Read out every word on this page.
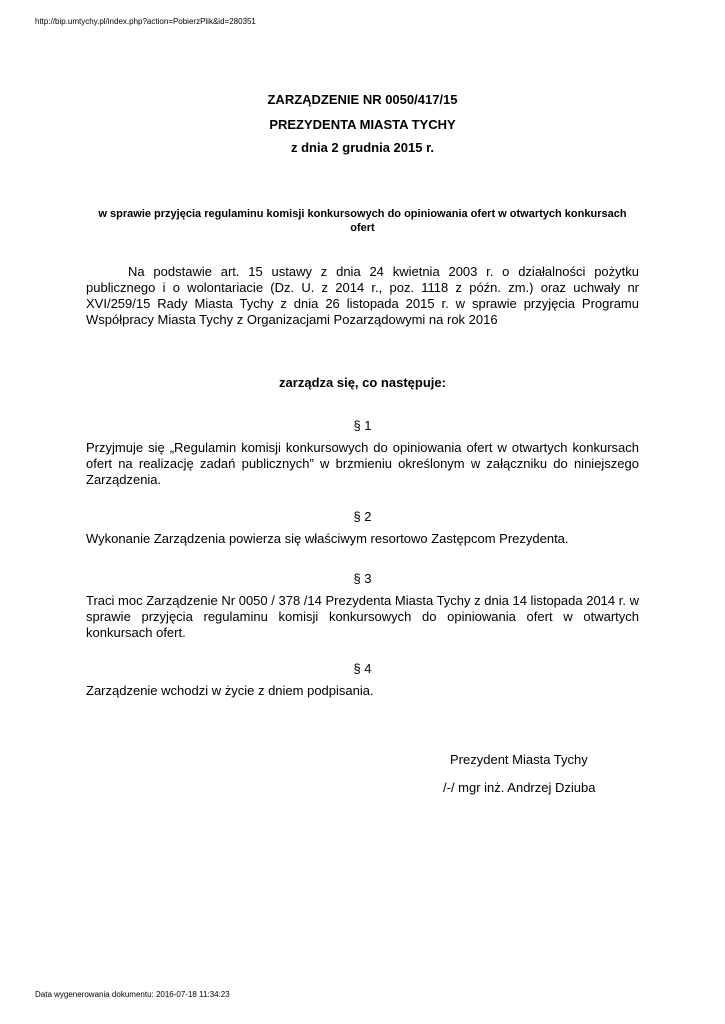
http://bip.umtychy.pl/index.php?action=PobierzPlik&id=280351
ZARZĄDZENIE NR 0050/417/15
PREZYDENTA MIASTA TYCHY
z dnia 2 grudnia 2015 r.
w sprawie przyjęcia regulaminu komisji konkursowych do opiniowania ofert w otwartych konkursach ofert
Na podstawie art. 15 ustawy z dnia 24 kwietnia 2003 r. o działalności pożytku publicznego i o wolontariacie (Dz. U. z 2014 r., poz. 1118 z późn. zm.) oraz uchwały nr XVI/259/15 Rady Miasta Tychy z dnia 26 listopada 2015 r. w sprawie przyjęcia Programu Współpracy Miasta Tychy z Organizacjami Pozarządowymi na rok 2016
zarządza się, co następuje:
§ 1
Przyjmuje się „Regulamin komisji konkursowych do opiniowania ofert w otwartych konkursach ofert na realizację zadań publicznych” w brzmieniu określonym w załączniku do niniejszego Zarządzenia.
§ 2
Wykonanie Zarządzenia powierza się właściwym resortowo Zastępcom Prezydenta.
§ 3
Traci moc Zarządzenie Nr 0050 / 378 /14 Prezydenta Miasta Tychy z dnia 14 listopada 2014 r. w sprawie przyjęcia regulaminu komisji konkursowych do opiniowania ofert w otwartych konkursach ofert.
§ 4
Zarządzenie wchodzi w życie z dniem podpisania.
Prezydent Miasta Tychy
/-/ mgr inż. Andrzej Dziuba
Data wygenerowania dokumentu: 2016-07-18 11:34:23
